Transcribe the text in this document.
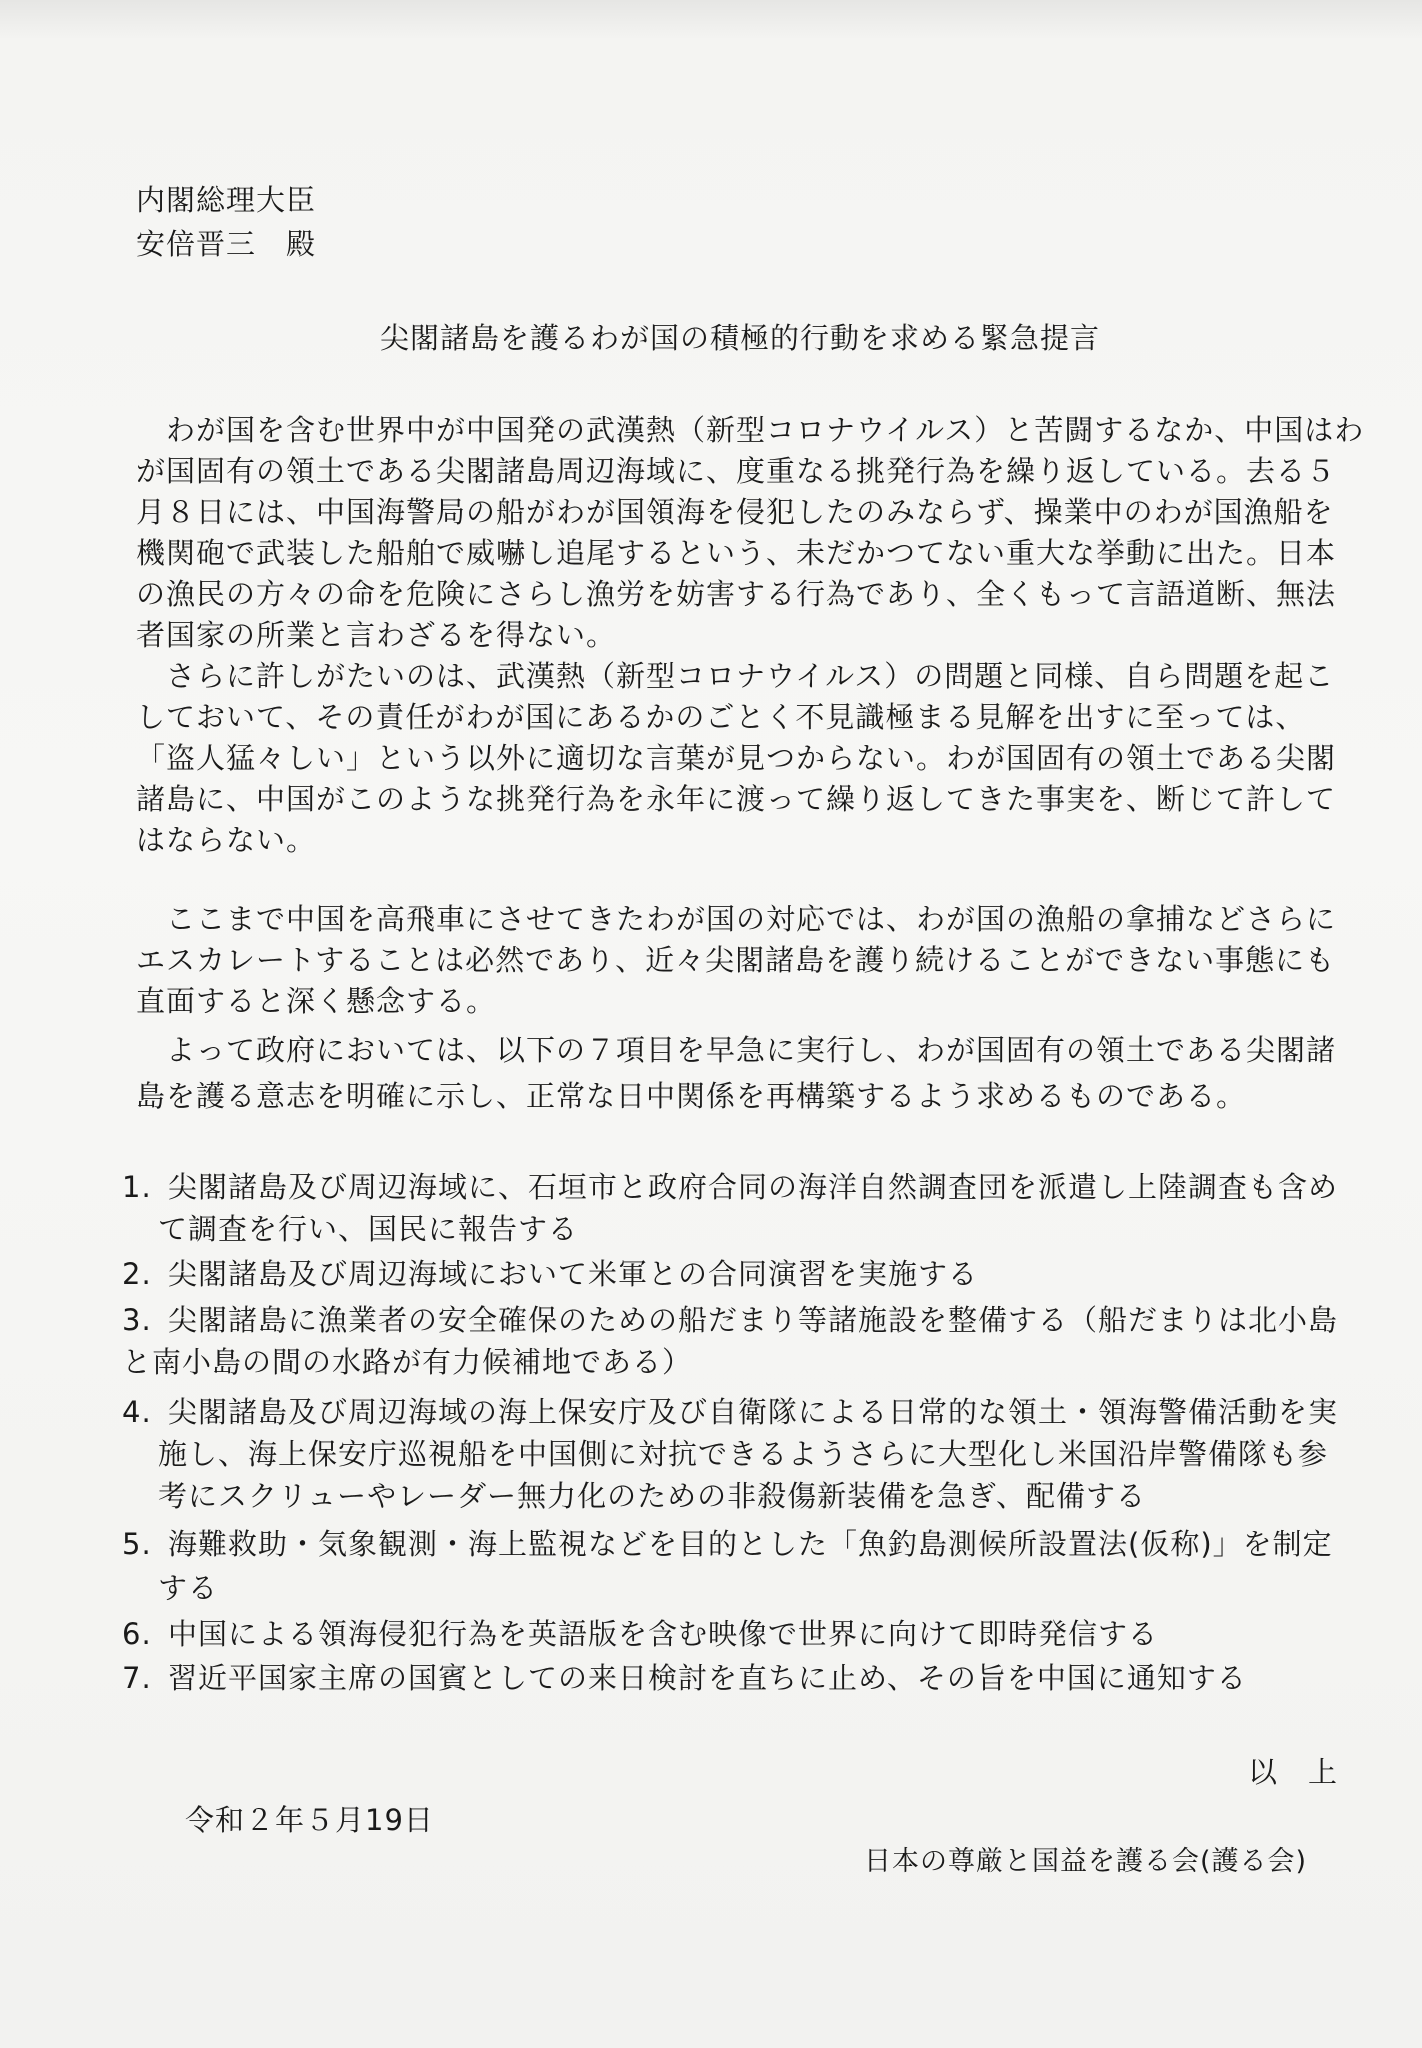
内閣総理大臣
安倍晋三　殿
尖閣諸島を護るわが国の積極的行動を求める緊急提言
　わが国を含む世界中が中国発の武漢熱（新型コロナウイルス）と苦闘するなか、中国はわ
が国固有の領土である尖閣諸島周辺海域に、度重なる挑発行為を繰り返している。去る５
月８日には、中国海警局の船がわが国領海を侵犯したのみならず、操業中のわが国漁船を
機関砲で武装した船舶で威嚇し追尾するという、未だかつてない重大な挙動に出た。日本
の漁民の方々の命を危険にさらし漁労を妨害する行為であり、全くもって言語道断、無法
者国家の所業と言わざるを得ない。
　さらに許しがたいのは、武漢熱（新型コロナウイルス）の問題と同様、自ら問題を起こ
しておいて、その責任がわが国にあるかのごとく不見識極まる見解を出すに至っては、
「盗人猛々しい」という以外に適切な言葉が見つからない。わが国固有の領土である尖閣
諸島に、中国がこのような挑発行為を永年に渡って繰り返してきた事実を、断じて許して
はならない。
　ここまで中国を高飛車にさせてきたわが国の対応では、わが国の漁船の拿捕などさらに
エスカレートすることは必然であり、近々尖閣諸島を護り続けることができない事態にも
直面すると深く懸念する。
　よって政府においては、以下の７項目を早急に実行し、わが国固有の領土である尖閣諸
島を護る意志を明確に示し、正常な日中関係を再構築するよう求めるものである。
1. 尖閣諸島及び周辺海域に、石垣市と政府合同の海洋自然調査団を派遣し上陸調査も含め
て調査を行い、国民に報告する
2. 尖閣諸島及び周辺海域において米軍との合同演習を実施する
3. 尖閣諸島に漁業者の安全確保のための船だまり等諸施設を整備する（船だまりは北小島
と南小島の間の水路が有力候補地である）
4. 尖閣諸島及び周辺海域の海上保安庁及び自衛隊による日常的な領土・領海警備活動を実
施し、海上保安庁巡視船を中国側に対抗できるようさらに大型化し米国沿岸警備隊も参
考にスクリューやレーダー無力化のための非殺傷新装備を急ぎ、配備する
5. 海難救助・気象観測・海上監視などを目的とした「魚釣島測候所設置法(仮称)」を制定
する
6. 中国による領海侵犯行為を英語版を含む映像で世界に向けて即時発信する
7. 習近平国家主席の国賓としての来日検討を直ちに止め、その旨を中国に通知する
以　上
令和２年５月19日
日本の尊厳と国益を護る会(護る会)
